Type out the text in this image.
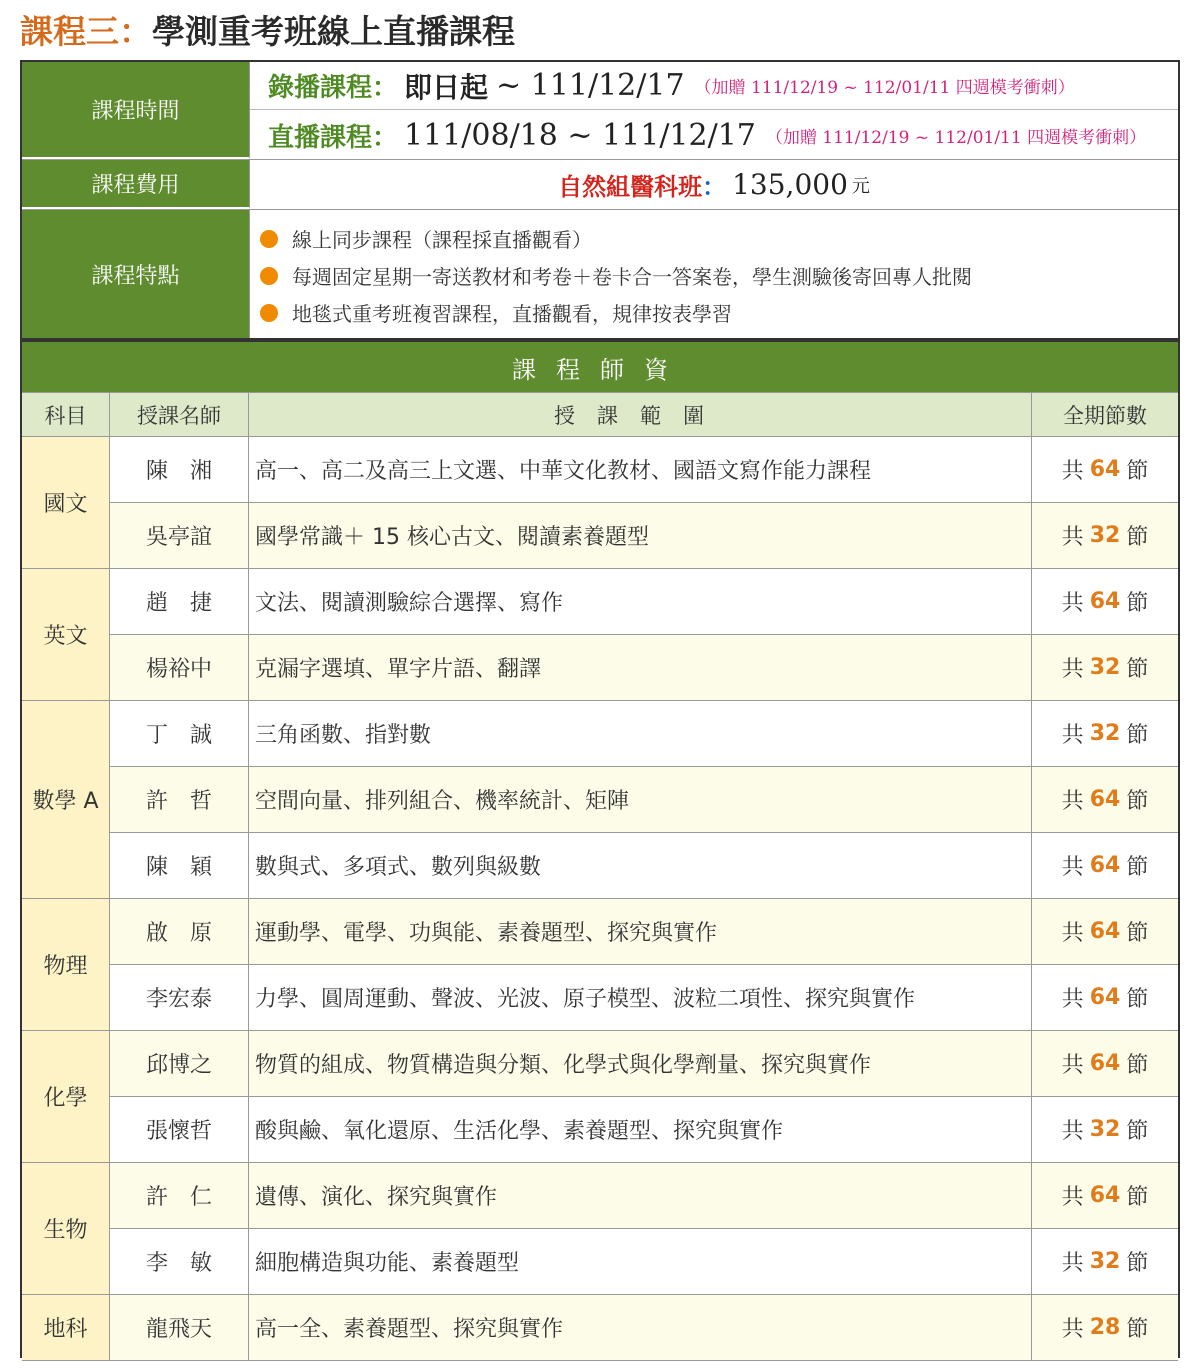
課程三：學測重考班線上直播課程
課程時間
錄播課程 ： 即日起 ~ 111/12/17 （加贈 111/12/19 ~ 112/01/11 四週模考衝刺）
直播課程 ： 111/08/18 ~ 111/12/17 （加贈 111/12/19 ~ 112/01/11 四週模考衝刺）
課程費用	自然組醫科班 ： 135,000 元
課程特點
線上同步課程（課程採直播觀看）
每週固定星期一寄送教材和考卷＋卷卡合一答案卷，學生測驗後寄回專人批閱
地毯式重考班複習課程，直播觀看，規律按表學習
課程師資
科目	授課名師	授課範圍	全期節數
國文
陳　湘	高一、高二及高三上文選、中華文化教材、國語文寫作能力課程	共 64 節
吳亭誼	國學常識＋ 15 核心古文、閱讀素養題型	共 32 節
英文
趙　捷	文法、閱讀測驗綜合選擇、寫作	共 64 節
楊裕中	克漏字選填、單字片語、翻譯	共 32 節
數學 A
丁　誠	三角函數、指對數	共 32 節
許　哲	空間向量、排列組合、機率統計、矩陣	共 64 節
陳　穎	數與式、多項式、數列與級數	共 64 節
物理
啟　原	運動學、電學、功與能、素養題型、探究與實作	共 64 節
李宏泰	力學、圓周運動、聲波、光波、原子模型、波粒二項性、探究與實作	共 64 節
化學
邱博之	物質的組成、物質構造與分類、化學式與化學劑量、探究與實作	共 64 節
張懷哲	酸與鹼、氧化還原、生活化學、素養題型、探究與實作	共 32 節
生物
許　仁	遺傳、演化、探究與實作	共 64 節
李　敏	細胞構造與功能、素養題型	共 32 節
地科	龍飛天	高一全、素養題型、探究與實作	共 28 節
